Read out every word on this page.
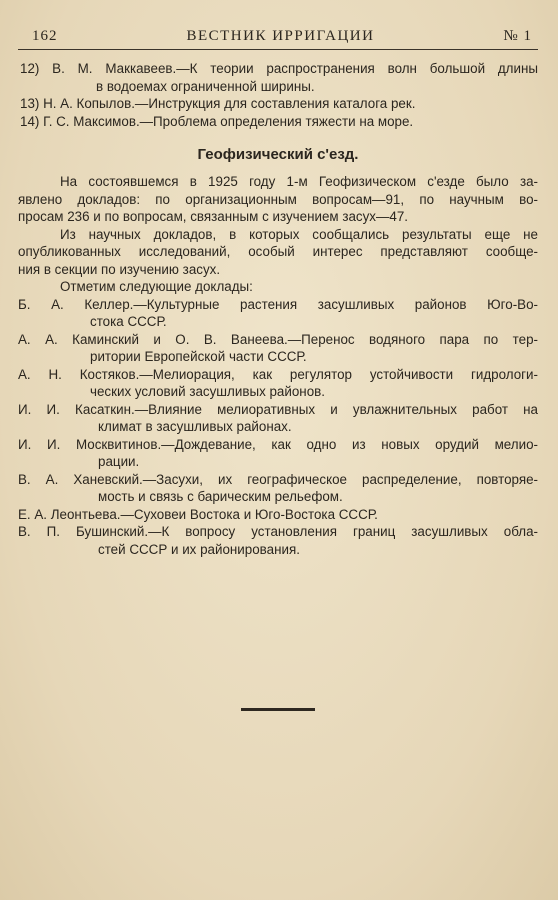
162	ВЕСТНИК ИРРИГАЦИИ	№ 1
12) В. М. Маккавеев.—К теории распространения волн большой длины
в водоемах ограниченной ширины.
13) Н. А. Копылов.—Инструкция для составления каталога рек.
14) Г. С. Максимов.—Проблема определения тяжести на море.
Геофизический с'езд.
На состоявшемся в 1925 году 1-м Геофизическом с'езде было за-
явлено докладов: по организационным вопросам—91, по научным во-
просам 236 и по вопросам, связанным с изучением засух—47.
Из научных докладов, в которых сообщались результаты еще не
опубликованных исследований, особый интерес представляют сообще-
ния в секции по изучению засух.
Отметим следующие доклады:
Б. А. Келлер.—Культурные растения засушливых районов Юго-Во-
стока СССР.
А. А. Каминский и О. В. Ванеева.—Перенос водяного пара по тер-
ритории Европейской части СССР.
А. Н. Костяков.—Мелиорация, как регулятор устойчивости гидрологи-
ческих условий засушливых районов.
И. И. Касаткин.—Влияние мелиоративных и увлажнительных работ на
климат в засушливых районах.
И. И. Москвитинов.—Дождевание, как одно из новых орудий мелио-
рации.
В. А. Ханевский.—Засухи, их географическое распределение, повторяе-
мость и связь с барическим рельефом.
Е. А. Леонтьева.—Суховеи Востока и Юго-Востока СССР.
В. П. Бушинский.—К вопросу установления границ засушливых обла-
стей СССР и их районирования.
